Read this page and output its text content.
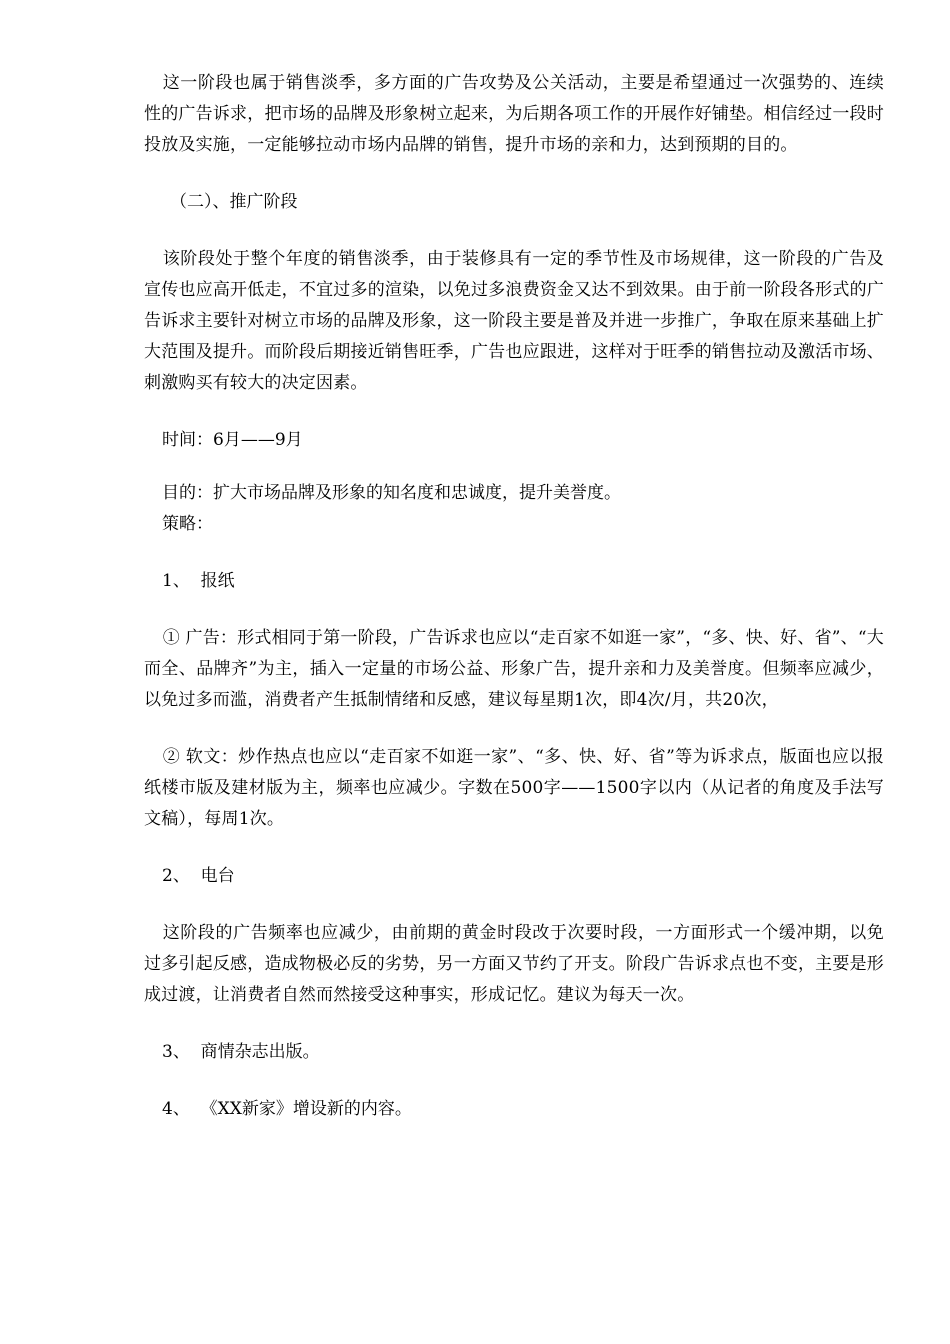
这一阶段也属于销售淡季，多方面的广告攻势及公关活动，主要是希望通过一次强势的、连续性的广告诉求，把市场的品牌及形象树立起来，为后期各项工作的开展作好铺垫。相信经过一段时投放及实施，一定能够拉动市场内品牌的销售，提升市场的亲和力，达到预期的目的。

（二）、推广阶段

该阶段处于整个年度的销售淡季，由于装修具有一定的季节性及市场规律，这一阶段的广告及宣传也应高开低走，不宜过多的渲染，以免过多浪费资金又达不到效果。由于前一阶段各形式的广告诉求主要针对树立市场的品牌及形象，这一阶段主要是普及并进一步推广，争取在原来基础上扩大范围及提升。而阶段后期接近销售旺季，广告也应跟进，这样对于旺季的销售拉动及激活市场、刺激购买有较大的决定因素。

时间：6月——9月

目的：扩大市场品牌及形象的知名度和忠诚度，提升美誉度。

策略：

1、  报纸

① 广告：形式相同于第一阶段，广告诉求也应以“走百家不如逛一家”，“多、快、好、省”、“大而全、品牌齐”为主，插入一定量的市场公益、形象广告，提升亲和力及美誉度。但频率应减少，以免过多而滥，消费者产生抵制情绪和反感，建议每星期1次，即4次/月，共20次，

② 软文：炒作热点也应以“走百家不如逛一家”、“多、快、好、省”等为诉求点，版面也应以报纸楼市版及建材版为主，频率也应减少。字数在500字——1500字以内（从记者的角度及手法写文稿），每周1次。

2、  电台

这阶段的广告频率也应减少，由前期的黄金时段改于次要时段，一方面形式一个缓冲期，以免过多引起反感，造成物极必反的劣势，另一方面又节约了开支。阶段广告诉求点也不变，主要是形成过渡，让消费者自然而然接受这种事实，形成记忆。建议为每天一次。

3、  商情杂志出版。

4、  《XX新家》增设新的内容。
